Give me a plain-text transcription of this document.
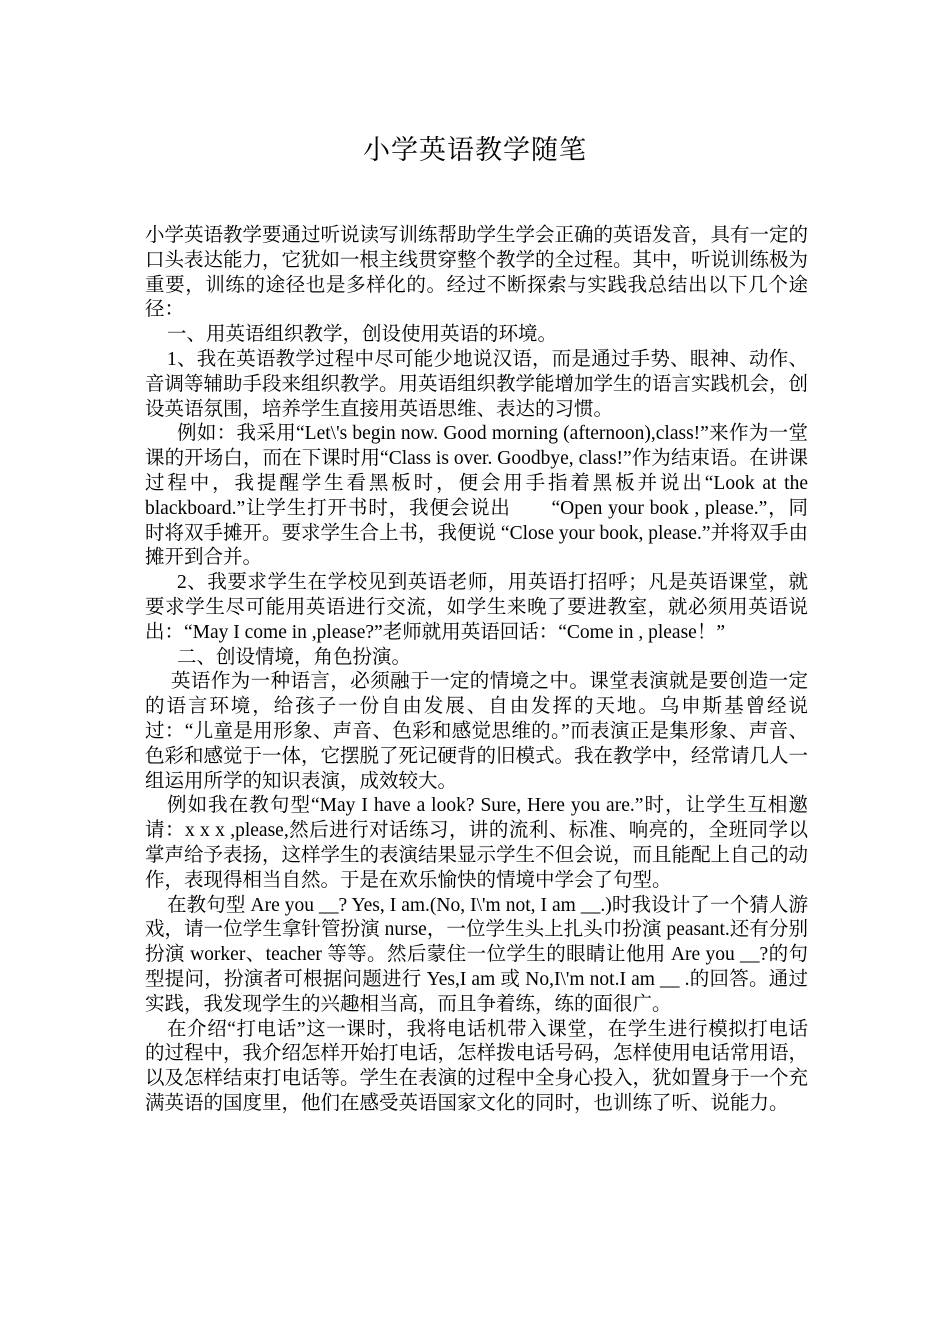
小学英语教学随笔

小学英语教学要通过听说读写训练帮助学生学会正确的英语发音，具有一定的口头表达能力，它犹如一根主线贯穿整个教学的全过程。其中，听说训练极为重要，训练的途径也是多样化的。经过不断探索与实践我总结出以下几个途径：

一、用英语组织教学，创设使用英语的环境。

1、我在英语教学过程中尽可能少地说汉语，而是通过手势、眼神、动作、音调等辅助手段来组织教学。用英语组织教学能增加学生的语言实践机会，创设英语氛围，培养学生直接用英语思维、表达的习惯。

例如：我采用“Let\'s begin now. Good morning (afternoon),class!”来作为一堂课的开场白，而在下课时用“Class is over. Goodbye, class!”作为结束语。在讲课过程中，我提醒学生看黑板时，便会用手指着黑板并说出“Look at the blackboard.”让学生打开书时，我便会说出　　“Open your book , please.”，同时将双手摊开。要求学生合上书，我便说 “Close your book, please.”并将双手由摊开到合并。

2、我要求学生在学校见到英语老师，用英语打招呼；凡是英语课堂，就要求学生尽可能用英语进行交流，如学生来晚了要进教室，就必须用英语说出：“May I come in ,please?”老师就用英语回话：“Come in , please！”

二、创设情境，角色扮演。

英语作为一种语言，必须融于一定的情境之中。课堂表演就是要创造一定的语言环境，给孩子一份自由发展、自由发挥的天地。乌申斯基曾经说过：“儿童是用形象、声音、色彩和感觉思维的。”而表演正是集形象、声音、色彩和感觉于一体，它摆脱了死记硬背的旧模式。我在教学中，经常请几人一组运用所学的知识表演，成效较大。

例如我在教句型“May I have a look? Sure, Here you are.”时，让学生互相邀请：x x x ,please,然后进行对话练习，讲的流利、标准、响亮的，全班同学以掌声给予表扬，这样学生的表演结果显示学生不但会说，而且能配上自己的动作，表现得相当自然。于是在欢乐愉快的情境中学会了句型。

在教句型 Are you __? Yes, I am.(No, I\'m not, I am __.)时我设计了一个猜人游戏，请一位学生拿针管扮演 nurse，一位学生头上扎头巾扮演 peasant.还有分别扮演 worker、teacher 等等。然后蒙住一位学生的眼睛让他用 Are you __?的句型提问，扮演者可根据问题进行 Yes,I am 或 No,I\'m not.I am __ .的回答。通过实践，我发现学生的兴趣相当高，而且争着练，练的面很广。

在介绍“打电话”这一课时，我将电话机带入课堂，在学生进行模拟打电话的过程中，我介绍怎样开始打电话，怎样拨电话号码，怎样使用电话常用语，以及怎样结束打电话等。学生在表演的过程中全身心投入，犹如置身于一个充满英语的国度里，他们在感受英语国家文化的同时，也训练了听、说能力。
